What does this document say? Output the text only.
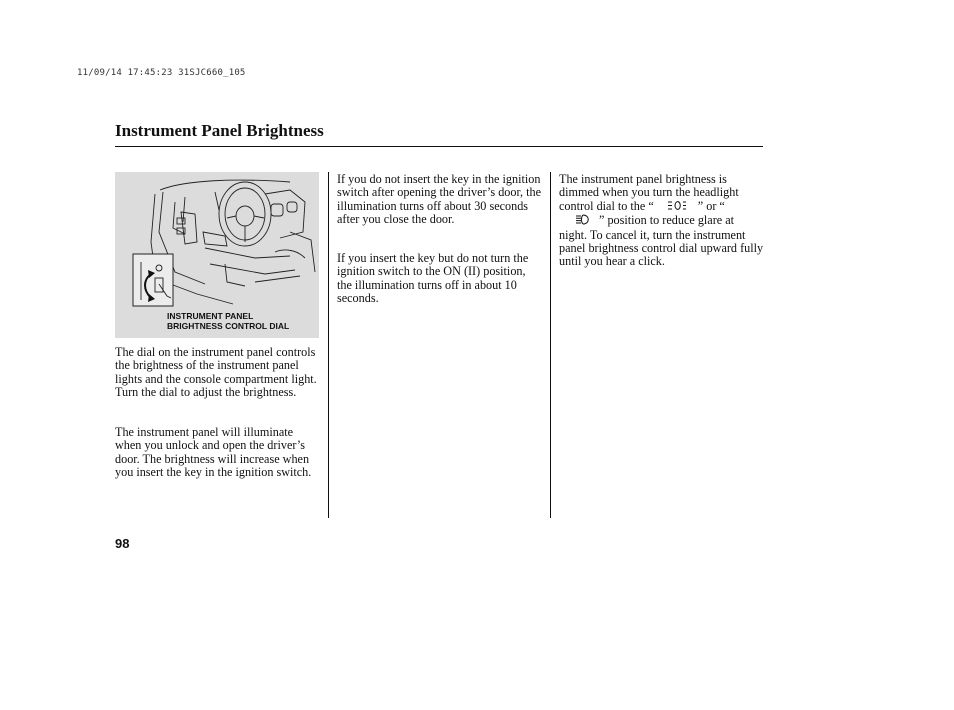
11/09/14 17:45:23 31SJC660_105
Instrument Panel Brightness
INSTRUMENT PANEL
BRIGHTNESS CONTROL DIAL

The dial on the instrument panel controls the brightness of the instrument panel lights and the console compartment light. Turn the dial to adjust the brightness.

The instrument panel will illuminate when you unlock and open the driver’s door. The brightness will increase when you insert the key in the ignition switch.

If you do not insert the key in the ignition switch after opening the driver’s door, the illumination turns off about 30 seconds after you close the door.

If you insert the key but do not turn the ignition switch to the ON (II) position, the illumination turns off in about 10 seconds.

The instrument panel brightness is dimmed when you turn the headlight control dial to the “	” or “” position to reduce glare at night. To cancel it, turn the instrument panel brightness control dial upward fully until you hear a click.

98
